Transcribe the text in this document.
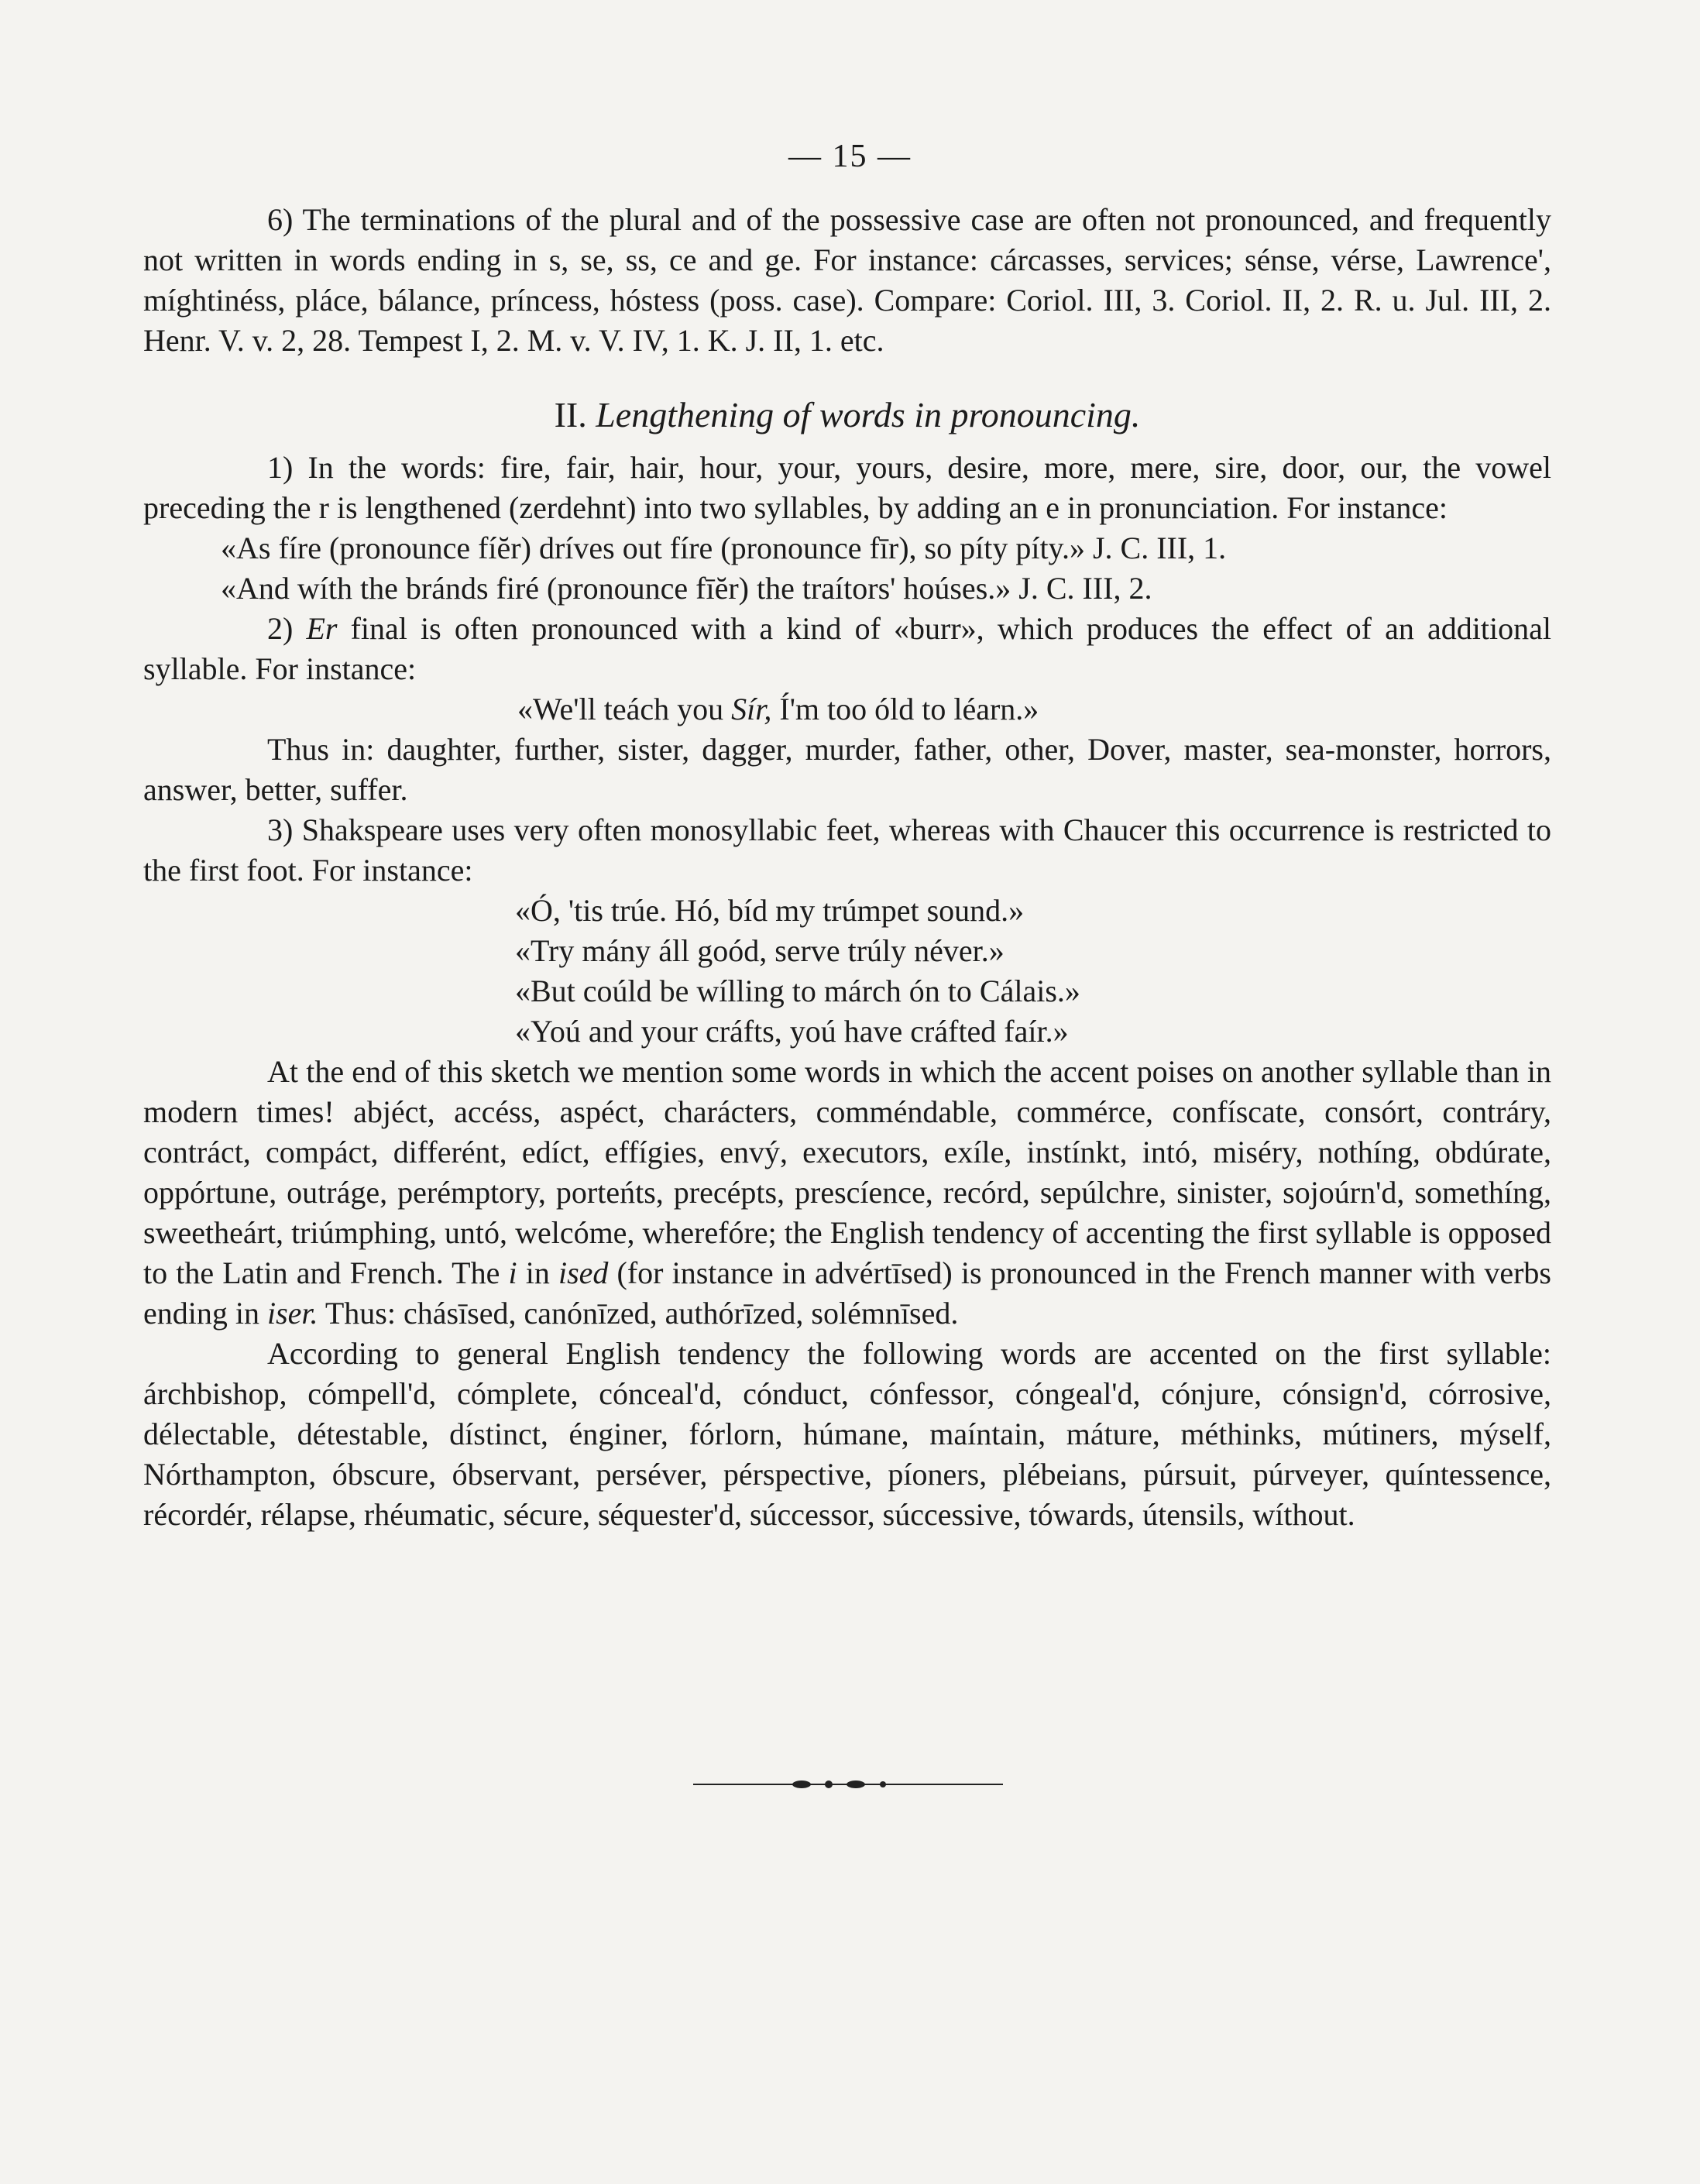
— 15 —

6) The terminations of the plural and of the possessive case are often not pronounced, and frequently not written in words ending in s, se, ss, ce and ge. For instance: cárcasses, services; sénse, vérse, Lawrence', míghtinéss, pláce, bálance, príncess, hóstess (poss. case). Compare: Coriol. III, 3. Coriol. II, 2. R. u. Jul. III, 2. Henr. V. v. 2, 28. Tempest I, 2. M. v. V. IV, 1. K. J. II, 1. etc.

II. Lengthening of words in pronouncing.

1) In the words: fire, fair, hair, hour, your, yours, desire, more, mere, sire, door, our, the vowel preceding the r is lengthened (zerdehnt) into two syllables, by adding an e in pronunciation. For instance:

«As fíre (pronounce fíĕr) dríves out fíre (pronounce fīr), so píty píty.» J. C. III, 1.

«And wíth the bránds firé (pronounce fīĕr) the traítors' hoúses.» J. C. III, 2.

2) Er final is often pronounced with a kind of «burr», which produces the effect of an additional syllable. For instance:

«We'll teách you Sír, Í'm too óld to léarn.»

Thus in: daughter, further, sister, dagger, murder, father, other, Dover, master, sea-monster, horrors, answer, better, suffer.

3) Shakspeare uses very often monosyllabic feet, whereas with Chaucer this occurrence is restricted to the first foot. For instance:

«Ó, 'tis trúe. Hó, bíd my trúmpet sound.»

«Try mány áll goód, serve trúly néver.»

«But coúld be wílling to márch ón to Cálais.»

«Yoú and your cráfts, yoú have cráfted faír.»

At the end of this sketch we mention some words in which the accent poises on another syllable than in modern times! abjéct, accéss, aspéct, charácters, comméndable, commérce, confíscate, consórt, contráry, contráct, compáct, differént, edíct, effígies, envý, executors, exíle, instínkt, intó, miséry, nothíng, obdúrate, oppórtune, outráge, perémptory, porteńts, precépts, prescíence, recórd, sepúlchre, sinister, sojoúrn'd, somethíng, sweetheárt, triúmphing, untó, welcóme, wherefóre; the English tendency of accenting the first syllable is opposed to the Latin and French. The i in ised (for instance in advértīsed) is pronounced in the French manner with verbs ending in iser. Thus: chásīsed, canónīzed, authórīzed, solémnīsed.

According to general English tendency the following words are accented on the first syllable: árchbishop, cómpell'd, cómplete, cónceal'd, cónduct, cónfessor, cóngeal'd, cónjure, cónsign'd, córrosive, délectable, détestable, dístinct, énginer, fórlorn, húmane, maíntain, máture, méthinks, mútiners, mýself, Nórthampton, óbscure, óbservant, perséver, pérspective, píoners, plébeians, púrsuit, púrveyer, quíntessence, récordér, rélapse, rhéumatic, sécure, séquester'd, súccessor, súccessive, tówards, útensils, wíthout.
